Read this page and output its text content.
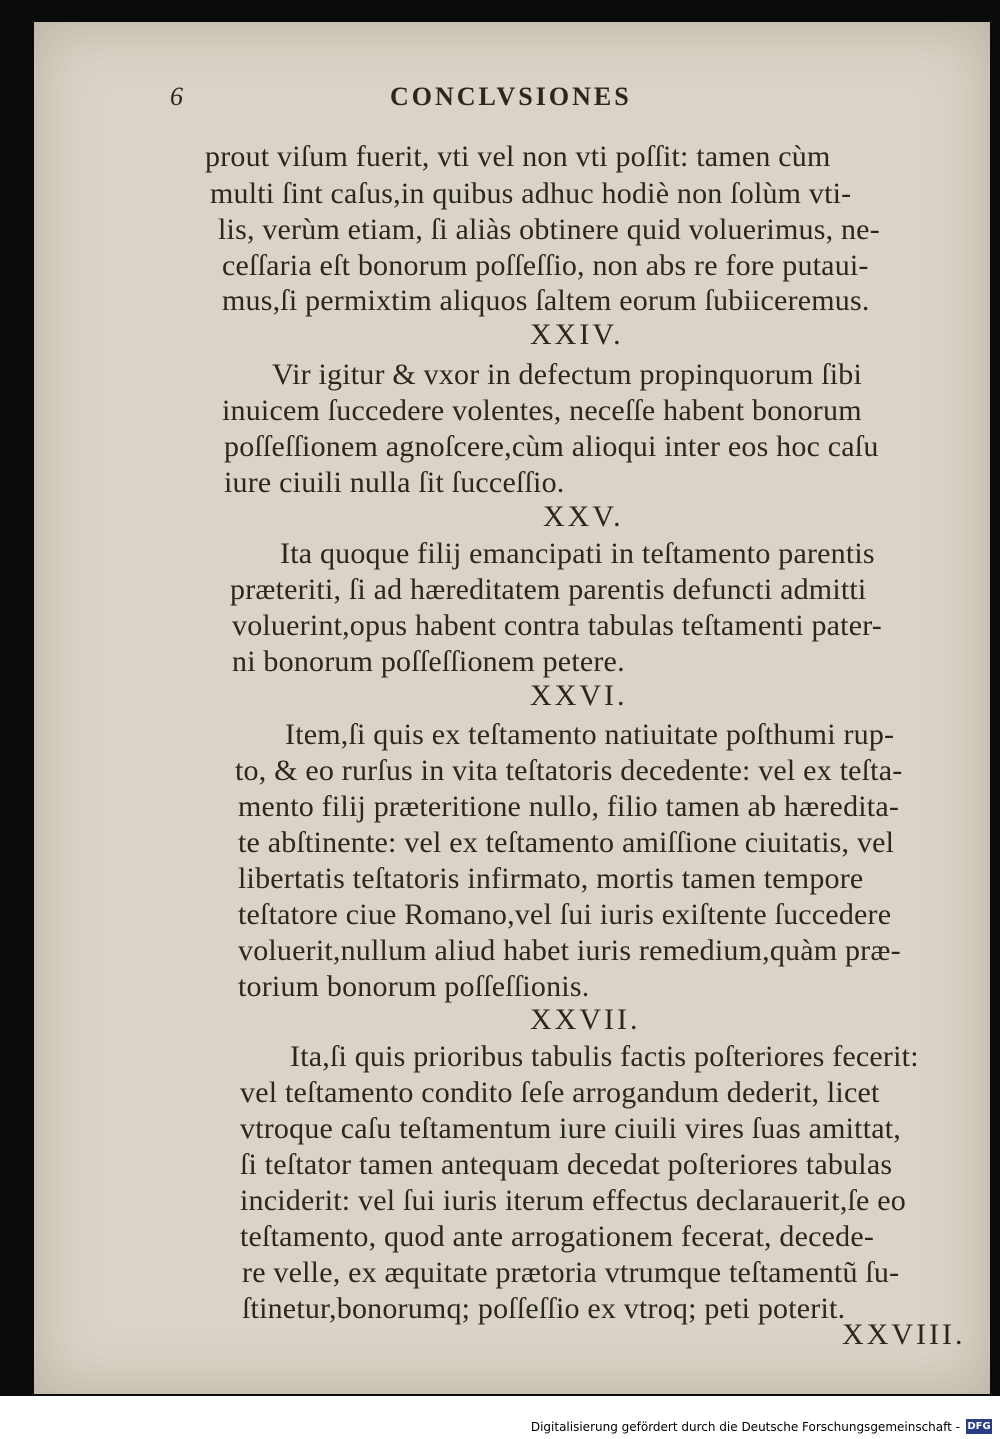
6	CONCLVSIONES
prout viſum fuerit, vti vel non vti poſſit: tamen cùm
multi ſint caſus,in quibus adhuc hodiè non ſolùm vti-
lis, verùm etiam, ſi aliàs obtinere quid voluerimus, ne-
ceſſaria eſt bonorum poſſeſſio, non abs re fore putaui-
mus,ſi permixtim aliquos ſaltem eorum ſubiiceremus.
XXIV.
Vir igitur & vxor in defectum propinquorum ſibi
inuicem ſuccedere volentes, neceſſe habent bonorum
poſſeſſionem agnoſcere,cùm alioqui inter eos hoc caſu
iure ciuili nulla ſit ſucceſſio.
XXV.
Ita quoque filij emancipati in teſtamento parentis
præteriti, ſi ad hæreditatem parentis defuncti admitti
voluerint,opus habent contra tabulas teſtamenti pater-
ni bonorum poſſeſſionem petere.
XXVI.
Item,ſi quis ex teſtamento natiuitate poſthumi rup-
to, & eo rurſus in vita teſtatoris decedente: vel ex teſta-
mento filij præteritione nullo, filio tamen ab hæredita-
te abſtinente: vel ex teſtamento amiſſione ciuitatis, vel
libertatis teſtatoris infirmato, mortis tamen tempore
teſtatore ciue Romano,vel ſui iuris exiſtente ſuccedere
voluerit,nullum aliud habet iuris remedium,quàm præ-
torium bonorum poſſeſſionis.
XXVII.
Ita,ſi quis prioribus tabulis factis poſteriores fecerit:
vel teſtamento condito ſeſe arrogandum dederit, licet
vtroque caſu teſtamentum iure ciuili vires ſuas amittat,
ſi teſtator tamen antequam decedat poſteriores tabulas
inciderit: vel ſui iuris iterum effectus declarauerit,ſe eo
teſtamento, quod ante arrogationem fecerat, decede-
re velle, ex æquitate prætoria vtrumque teſtamentũ ſu-
ſtinetur,bonorumq; poſſeſſio ex vtroq; peti poterit.
XXVIII.
Digitalisierung gefördert durch die Deutsche Forschungsgemeinschaft - DFG
